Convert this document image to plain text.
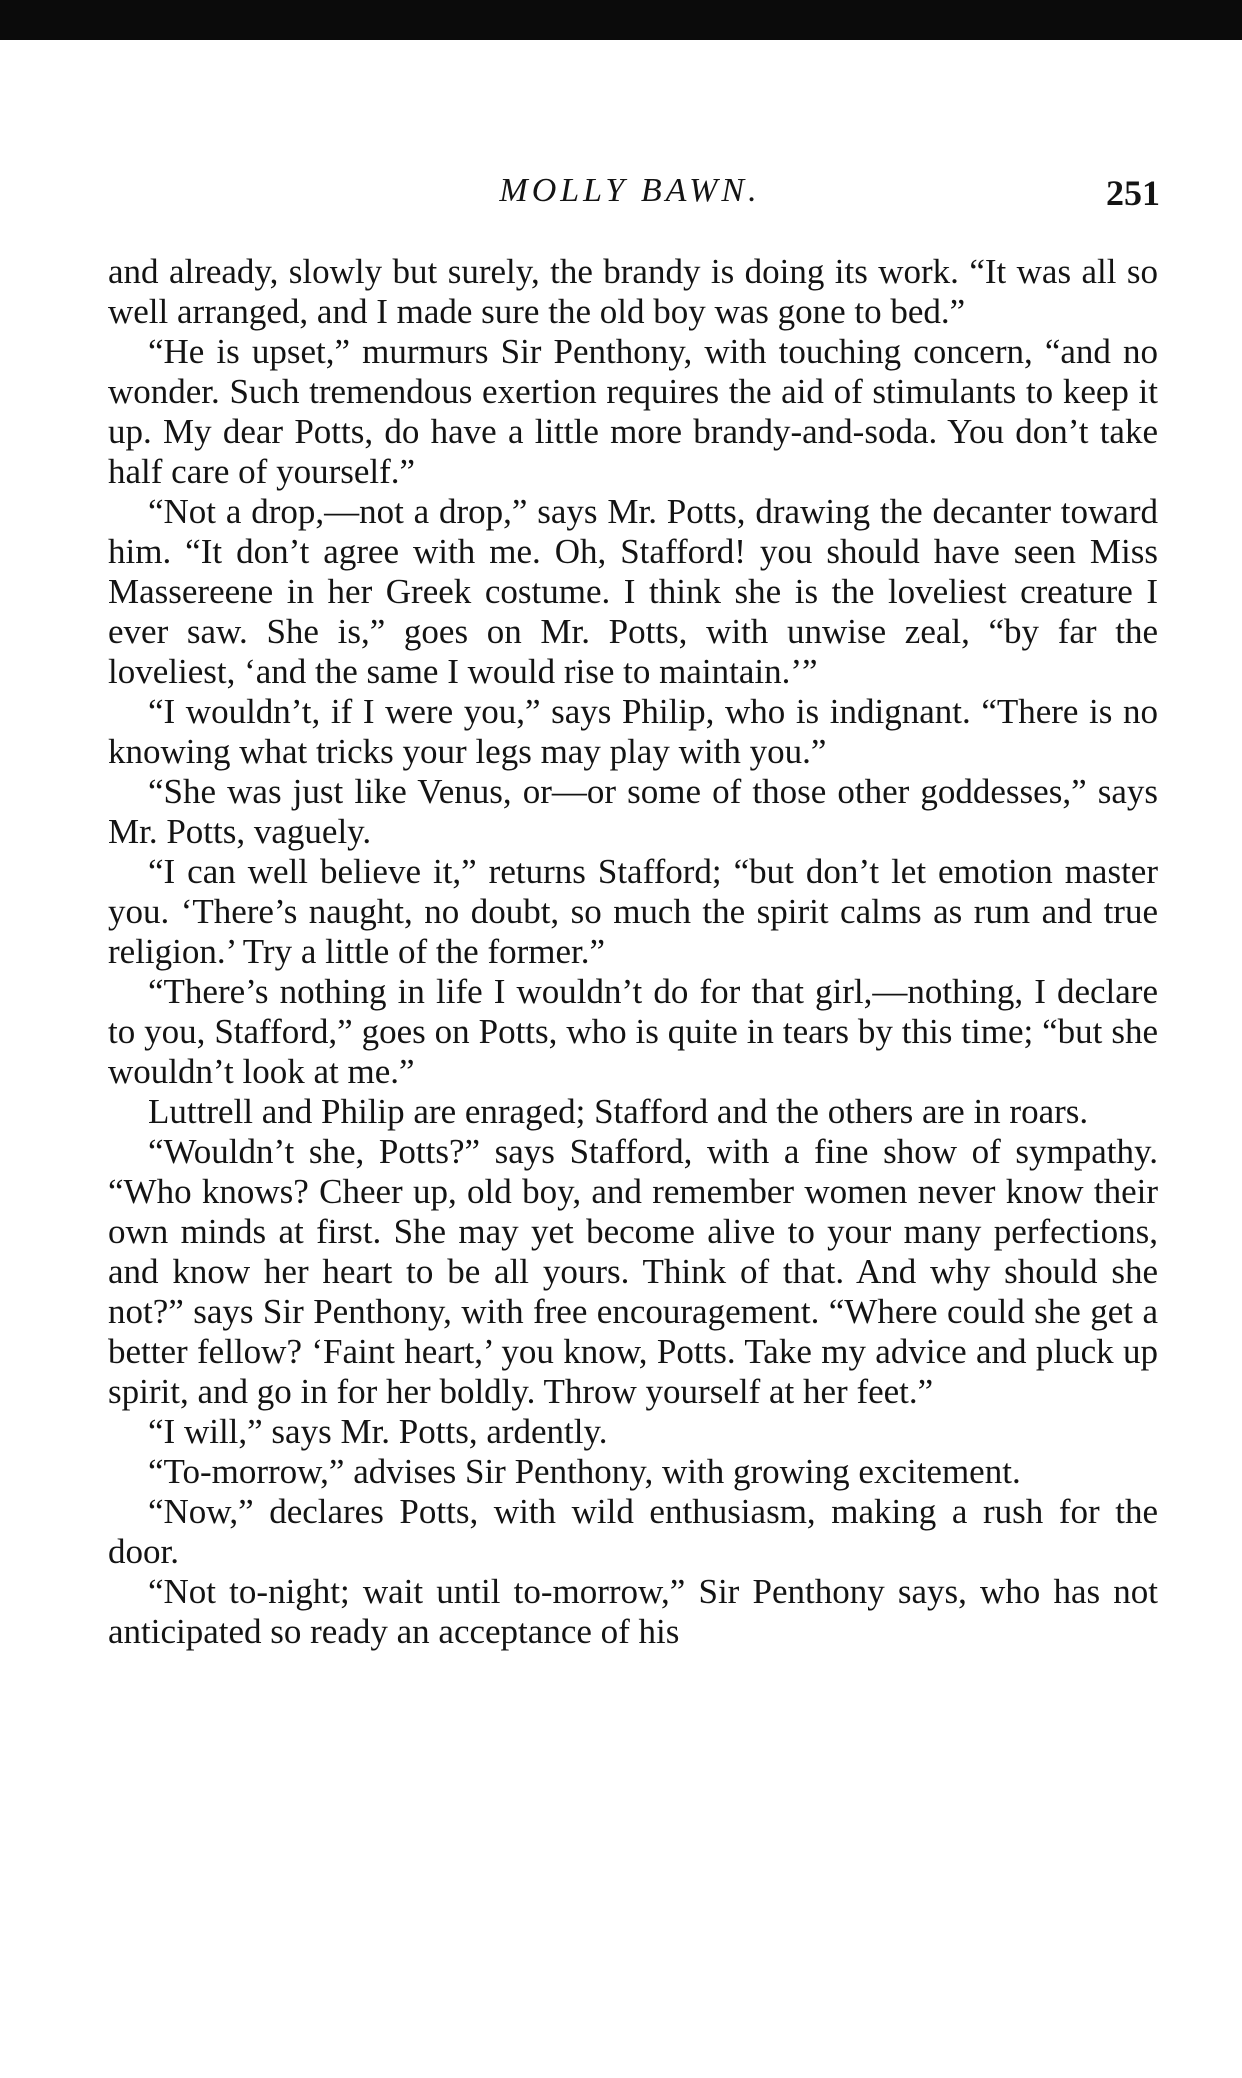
MOLLY BAWN.	251

and already, slowly but surely, the brandy is doing its work. “It was all so well arranged, and I made sure the old boy was gone to bed.”

“He is upset,” murmurs Sir Penthony, with touching concern, “and no wonder. Such tremendous exertion requires the aid of stimulants to keep it up. My dear Potts, do have a little more brandy-and-soda. You don’t take half care of yourself.”

“Not a drop,—not a drop,” says Mr. Potts, drawing the decanter toward him. “It don’t agree with me. Oh, Stafford! you should have seen Miss Massereene in her Greek costume. I think she is the loveliest creature I ever saw. She is,” goes on Mr. Potts, with unwise zeal, “by far the loveliest, ‘and the same I would rise to maintain.’”

“I wouldn’t, if I were you,” says Philip, who is indignant. “There is no knowing what tricks your legs may play with you.”

“She was just like Venus, or—or some of those other goddesses,” says Mr. Potts, vaguely.

“I can well believe it,” returns Stafford; “but don’t let emotion master you. ‘There’s naught, no doubt, so much the spirit calms as rum and true religion.’ Try a little of the former.”

“There’s nothing in life I wouldn’t do for that girl,—nothing, I declare to you, Stafford,” goes on Potts, who is quite in tears by this time; “but she wouldn’t look at me.”

Luttrell and Philip are enraged; Stafford and the others are in roars.

“Wouldn’t she, Potts?” says Stafford, with a fine show of sympathy. “Who knows? Cheer up, old boy, and remember women never know their own minds at first. She may yet become alive to your many perfections, and know her heart to be all yours. Think of that. And why should she not?” says Sir Penthony, with free encouragement. “Where could she get a better fellow? ‘Faint heart,’ you know, Potts. Take my advice and pluck up spirit, and go in for her boldly. Throw yourself at her feet.”

“I will,” says Mr. Potts, ardently.

“To-morrow,” advises Sir Penthony, with growing excitement.

“Now,” declares Potts, with wild enthusiasm, making a rush for the door.

“Not to-night; wait until to-morrow,” Sir Penthony says, who has not anticipated so ready an acceptance of his
